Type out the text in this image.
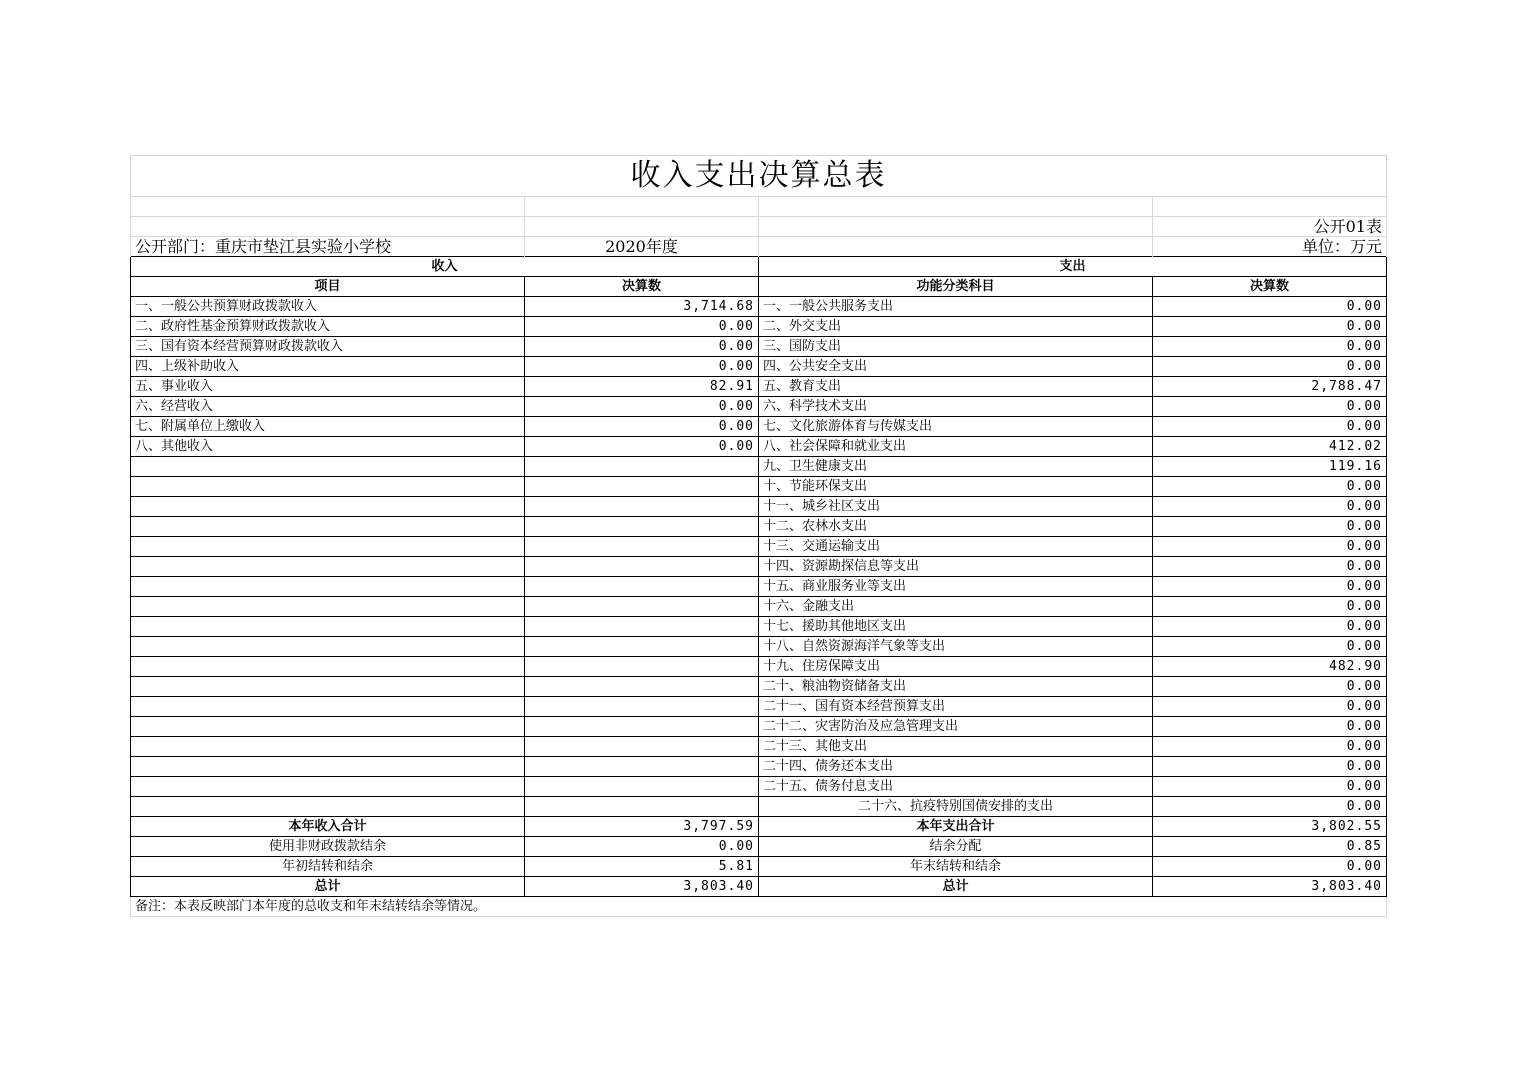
收入支出决算总表			

			公开01表
公开部门：重庆市垫江县实验小学校	2020年度		单位：万元
收入		支出	
项目	决算数	功能分类科目	决算数
一、一般公共预算财政拨款收入	3,714.68	一、一般公共服务支出	0.00
二、政府性基金预算财政拨款收入	0.00	二、外交支出	0.00
三、国有资本经营预算财政拨款收入	0.00	三、国防支出	0.00
四、上级补助收入	0.00	四、公共安全支出	0.00
五、事业收入	82.91	五、教育支出	2,788.47
六、经营收入	0.00	六、科学技术支出	0.00
七、附属单位上缴收入	0.00	七、文化旅游体育与传媒支出	0.00
八、其他收入	0.00	八、社会保障和就业支出	412.02
		九、卫生健康支出	119.16
		十、节能环保支出	0.00
		十一、城乡社区支出	0.00
		十二、农林水支出	0.00
		十三、交通运输支出	0.00
		十四、资源勘探信息等支出	0.00
		十五、商业服务业等支出	0.00
		十六、金融支出	0.00
		十七、援助其他地区支出	0.00
		十八、自然资源海洋气象等支出	0.00
		十九、住房保障支出	482.90
		二十、粮油物资储备支出	0.00
		二十一、国有资本经营预算支出	0.00
		二十二、灾害防治及应急管理支出	0.00
		二十三、其他支出	0.00
		二十四、债务还本支出	0.00
		二十五、债务付息支出	0.00
		二十六、抗疫特别国债安排的支出	0.00
本年收入合计	3,797.59	本年支出合计	3,802.55
使用非财政拨款结余	0.00	结余分配	0.85
年初结转和结余	5.81	年末结转和结余	0.00
总计	3,803.40	总计	3,803.40
备注：本表反映部门本年度的总收支和年末结转结余等情况。			
